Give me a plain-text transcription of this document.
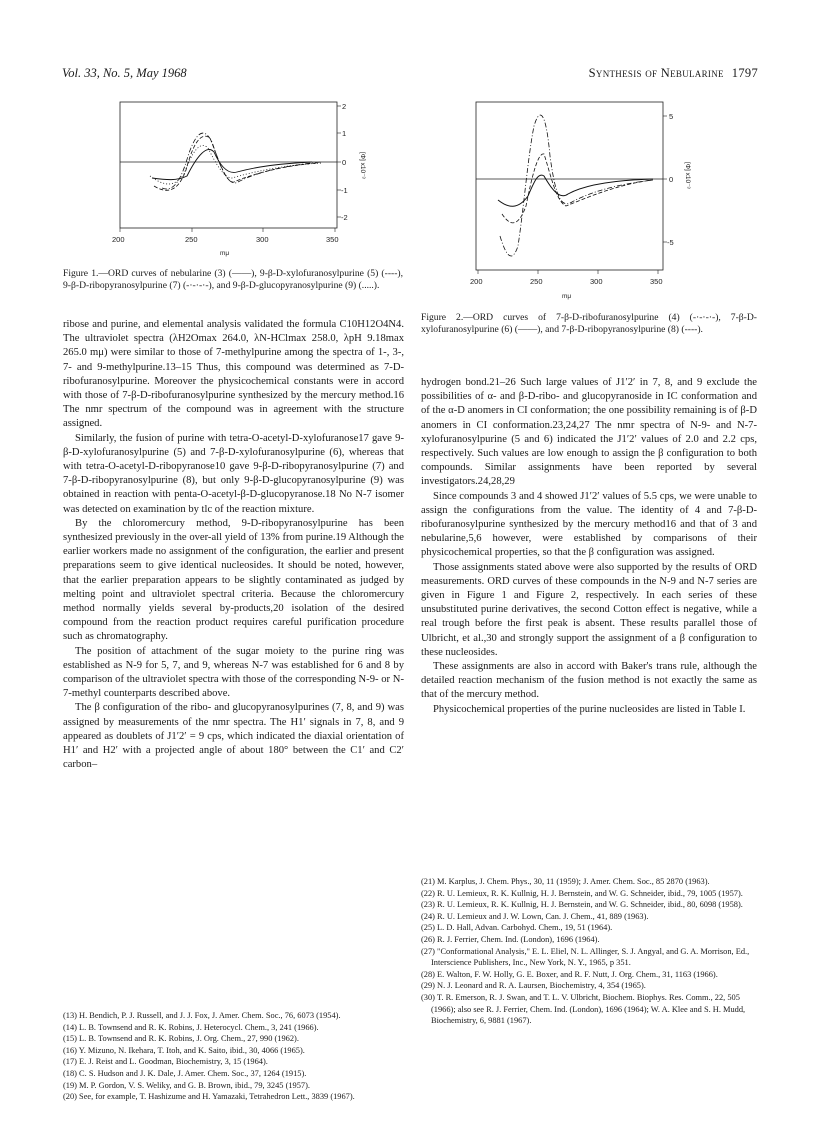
Vol. 33, No. 5, May 1968	Synthesis of Nebularine 1797
2
1
0
-1
-2
200	250	300	350
mμ
[Φ] x10⁻³
Figure 1.—ORD curves of nebularine (3) (——), 9-β-D-xylofuranosylpurine (5) (----), 9-β-D-ribopyranosylpurine (7) (-·-·-·-), and 9-β-D-glucopyranosylpurine (9) (.....).
5
0
-5
200	250	300	350
mμ
[Φ] x10⁻³
Figure 2.—ORD curves of 7-β-D-ribofuranosylpurine (4) (-·-·-·-), 7-β-D-xylofuranosylpurine (6) (——), and 7-β-D-ribopyranosylpurine (8) (----).

ribose and purine, and elemental analysis validated the formula C10H12O4N4. The ultraviolet spectra (λH2Omax 264.0, λN-HClmax 258.0, λpH 9.18max 265.0 mμ) were similar to those of 7-methylpurine among the spectra of 1-, 3-, 7- and 9-methylpurine.13–15 Thus, this compound was determined as 7-D-ribofuranosylpurine. Moreover the physicochemical constants were in accord with those of 7-β-D-ribofuranosylpurine synthesized by the mercury method.16 The nmr spectrum of the compound was in agreement with the structure assigned.

Similarly, the fusion of purine with tetra-O-acetyl-D-xylofuranose17 gave 9-β-D-xylofuranosylpurine (5) and 7-β-D-xylofuranosylpurine (6), whereas that with tetra-O-acetyl-D-ribopyranose10 gave 9-β-D-ribopyranosylpurine (7) and 7-β-D-ribopyranosylpurine (8), but only 9-β-D-glucopyranosylpurine (9) was obtained in reaction with penta-O-acetyl-β-D-glucopyranose.18 No N-7 isomer was detected on examination by tlc of the reaction mixture.

By the chloromercury method, 9-D-ribopyranosylpurine has been synthesized previously in the over-all yield of 13% from purine.19 Although the earlier workers made no assignment of the configuration, the earlier and present preparations seem to give identical nucleosides. It should be noted, however, that the earlier preparation appears to be slightly contaminated as judged by melting point and ultraviolet spectral criteria. Because the chloromercury method normally yields several by-products,20 isolation of the desired compound from the reaction product requires careful purification procedure such as chromatography.

The position of attachment of the sugar moiety to the purine ring was established as N-9 for 5, 7, and 9, whereas N-7 was established for 6 and 8 by comparison of the ultraviolet spectra with those of the corresponding N-9- or N-7-methyl counterparts described above.

The β configuration of the ribo- and glucopyranosylpurines (7, 8, and 9) was assigned by measurements of the nmr spectra. The H1′ signals in 7, 8, and 9 appeared as doublets of J1′2′ = 9 cps, which indicated the diaxial orientation of H1′ and H2′ with a projected angle of about 180° between the C1′ and C2′ carbon–

hydrogen bond.21–26 Such large values of J1′2′ in 7, 8, and 9 exclude the possibilities of α- and β-D-ribo- and glucopyranoside in IC conformation and of the α-D anomers in CI conformation; the one possibility remaining is of β-D anomers in CI conformation.23,24,27 The nmr spectra of N-9- and N-7-xylofuranosylpurine (5 and 6) indicated the J1′2′ values of 2.0 and 2.2 cps, respectively. Such values are low enough to assign the β configuration to both compounds. Similar assignments have been reported by several investigators.24,28,29

Since compounds 3 and 4 showed J1′2′ values of 5.5 cps, we were unable to assign the configurations from the value. The identity of 4 and 7-β-D-ribofuranosylpurine synthesized by the mercury method16 and that of 3 and nebularine,5,6 however, were established by comparisons of their physicochemical properties, so that the β configuration was assigned.

Those assignments stated above were also supported by the results of ORD measurements. ORD curves of these compounds in the N-9 and N-7 series are given in Figure 1 and Figure 2, respectively. In each series of these unsubstituted purine derivatives, the second Cotton effect is negative, while a real trough before the first peak is absent. These results parallel those of Ulbricht, et al.,30 and strongly support the assignment of a β configuration to these nucleosides.

These assignments are also in accord with Baker's trans rule, although the detailed reaction mechanism of the fusion method is not exactly the same as that of the mercury method.

Physicochemical properties of the purine nucleosides are listed in Table I.

(13) H. Bendich, P. J. Russell, and J. J. Fox, J. Amer. Chem. Soc., 76, 6073 (1954).
(14) L. B. Townsend and R. K. Robins, J. Heterocycl. Chem., 3, 241 (1966).
(15) L. B. Townsend and R. K. Robins, J. Org. Chem., 27, 990 (1962).
(16) Y. Mizuno, N. Ikehara, T. Itoh, and K. Saito, ibid., 30, 4066 (1965).
(17) E. J. Reist and L. Goodman, Biochemistry, 3, 15 (1964).
(18) C. S. Hudson and J. K. Dale, J. Amer. Chem. Soc., 37, 1264 (1915).
(19) M. P. Gordon, V. S. Weliky, and G. B. Brown, ibid., 79, 3245 (1957).
(20) See, for example, T. Hashizume and H. Yamazaki, Tetrahedron Lett., 3839 (1967).
(21) M. Karplus, J. Chem. Phys., 30, 11 (1959); J. Amer. Chem. Soc., 85 2870 (1963).
(22) R. U. Lemieux, R. K. Kullnig, H. J. Bernstein, and W. G. Schneider, ibid., 79, 1005 (1957).
(23) R. U. Lemieux, R. K. Kullnig, H. J. Bernstein, and W. G. Schneider, ibid., 80, 6098 (1958).
(24) R. U. Lemieux and J. W. Lown, Can. J. Chem., 41, 889 (1963).
(25) L. D. Hall, Advan. Carbohyd. Chem., 19, 51 (1964).
(26) R. J. Ferrier, Chem. Ind. (London), 1696 (1964).
(27) "Conformational Analysis," E. L. Eliel, N. L. Allinger, S. J. Angyal, and G. A. Morrison, Ed., Interscience Publishers, Inc., New York, N. Y., 1965, p 351.
(28) E. Walton, F. W. Holly, G. E. Boxer, and R. F. Nutt, J. Org. Chem., 31, 1163 (1966).
(29) N. J. Leonard and R. A. Laursen, Biochemistry, 4, 354 (1965).
(30) T. R. Emerson, R. J. Swan, and T. L. V. Ulbricht, Biochem. Biophys. Res. Comm., 22, 505 (1966); also see R. J. Ferrier, Chem. Ind. (London), 1696 (1964); W. A. Klee and S. H. Mudd, Biochemistry, 6, 9881 (1967).
